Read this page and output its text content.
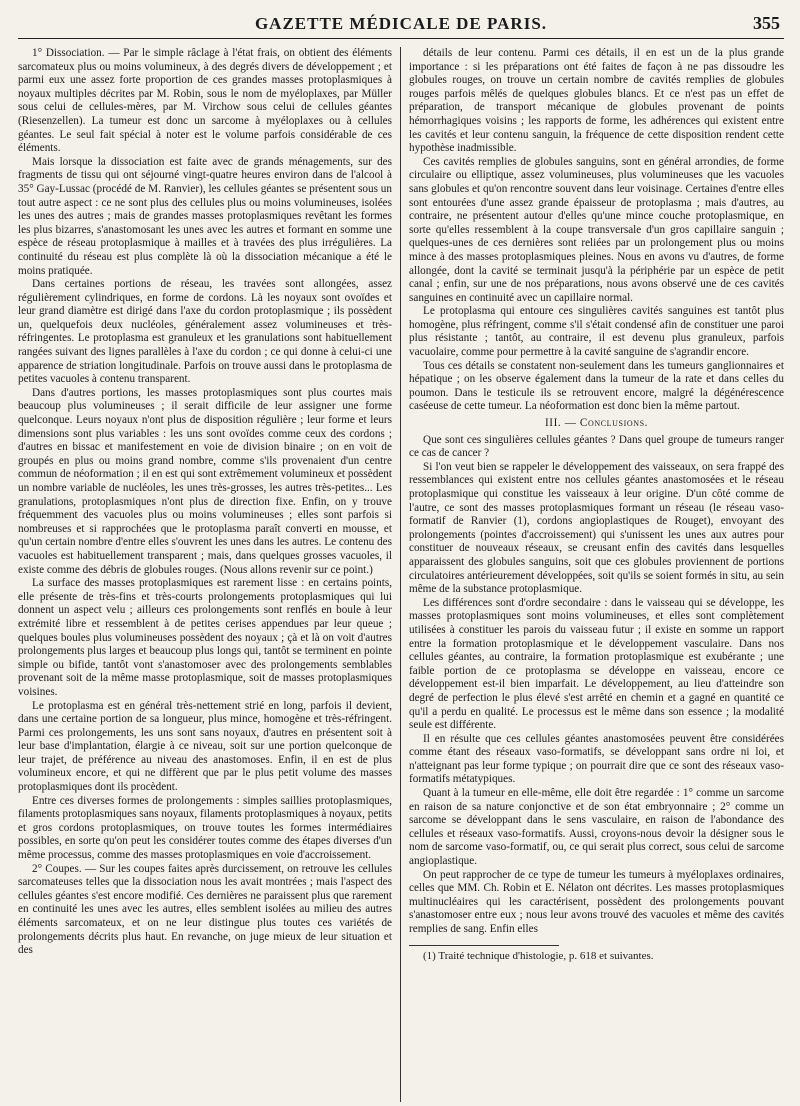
GAZETTE MÉDICALE DE PARIS.	355

1° Dissociation. — Par le simple râclage à l'état frais, on obtient des éléments sarcomateux plus ou moins volumineux, à des degrés divers de développement ; et parmi eux une assez forte proportion de ces grandes masses protoplasmiques à noyaux multiples décrites par M. Robin, sous le nom de myéloplaxes, par Müller sous celui de cellules-mères, par M. Virchow sous celui de cellules géantes (Riesenzellen). La tumeur est donc un sarcome à myéloplaxes ou à cellules géantes. Le seul fait spécial à noter est le volume parfois considérable de ces éléments.

Mais lorsque la dissociation est faite avec de grands ménagements, sur des fragments de tissu qui ont séjourné vingt-quatre heures environ dans de l'alcool à 35° Gay-Lussac (procédé de M. Ranvier), les cellules géantes se présentent sous un tout autre aspect : ce ne sont plus des cellules plus ou moins volumineuses, isolées les unes des autres ; mais de grandes masses protoplasmiques revêtant les formes les plus bizarres, s'anastomosant les unes avec les autres et formant en somme une espèce de réseau protoplasmique à mailles et à travées des plus irrégulières. La continuité du réseau est plus complète là où la dissociation mécanique a été le moins pratiquée.

Dans certaines portions de réseau, les travées sont allongées, assez régulièrement cylindriques, en forme de cordons. Là les noyaux sont ovoïdes et leur grand diamètre est dirigé dans l'axe du cordon protoplasmique ; ils possèdent un, quelquefois deux nucléoles, généralement assez volumineuses et très-réfringentes. Le protoplasma est granuleux et les granulations sont habituellement rangées suivant des lignes parallèles à l'axe du cordon ; ce qui donne à celui-ci une apparence de striation longitudinale. Parfois on trouve aussi dans le protoplasma de petites vacuoles à contenu transparent.

Dans d'autres portions, les masses protoplasmiques sont plus courtes mais beaucoup plus volumineuses ; il serait difficile de leur assigner une forme quelconque. Leurs noyaux n'ont plus de disposition régulière ; leur forme et leurs dimensions sont plus variables : les uns sont ovoïdes comme ceux des cordons ; d'autres en bissac et manifestement en voie de division binaire ; on en voit de groupés en plus ou moins grand nombre, comme s'ils provenaient d'un centre commun de néoformation ; il en est qui sont extrêmement volumineux et possèdent un nombre variable de nucléoles, les unes très-grosses, les autres très-petites... Les granulations, protoplasmiques n'ont plus de direction fixe. Enfin, on y trouve fréquemment des vacuoles plus ou moins volumineuses ; elles sont parfois si nombreuses et si rapprochées que le protoplasma paraît converti en mousse, et qu'un certain nombre d'entre elles s'ouvrent les unes dans les autres. Le contenu des vacuoles est habituellement transparent ; mais, dans quelques grosses vacuoles, il existe comme des débris de globules rouges. (Nous allons revenir sur ce point.)

La surface des masses protoplasmiques est rarement lisse : en certains points, elle présente de très-fins et très-courts prolongements protoplasmiques qui lui donnent un aspect velu ; ailleurs ces prolongements sont renflés en boule à leur extrémité libre et ressemblent à de petites cerises appendues par leur queue ; quelques boules plus volumineuses possèdent des noyaux ; çà et là on voit d'autres prolongements plus larges et beaucoup plus longs qui, tantôt se terminent en pointe simple ou bifide, tantôt vont s'anastomoser avec des prolongements semblables provenant soit de la même masse protoplasmique, soit de masses protoplasmiques voisines.

Le protoplasma est en général très-nettement strié en long, parfois il devient, dans une certaine portion de sa longueur, plus mince, homogène et très-réfringent. Parmi ces prolongements, les uns sont sans noyaux, d'autres en présentent soit à leur base d'implantation, élargie à ce niveau, soit sur une portion quelconque de leur trajet, de préférence au niveau des anastomoses. Enfin, il en est de plus volumineux encore, et qui ne diffèrent que par le plus petit volume des masses protoplasmiques dont ils procèdent.

Entre ces diverses formes de prolongements : simples saillies protoplasmiques, filaments protoplasmiques sans noyaux, filaments protoplasmiques à noyaux, petits et gros cordons protoplasmiques, on trouve toutes les formes intermédiaires possibles, en sorte qu'on peut les considérer toutes comme des étapes diverses d'un même processus, comme des masses protoplasmiques en voie d'accroissement.

2° Coupes. — Sur les coupes faites après durcissement, on retrouve les cellules sarcomateuses telles que la dissociation nous les avait montrées ; mais l'aspect des cellules géantes s'est encore modifié. Ces dernières ne paraissent plus que rarement en continuité les unes avec les autres, elles semblent isolées au milieu des autres éléments sarcomateux, et on ne leur distingue plus toutes ces variétés de prolongements décrits plus haut. En revanche, on juge mieux de leur situation et des

détails de leur contenu. Parmi ces détails, il en est un de la plus grande importance : si les préparations ont été faites de façon à ne pas dissoudre les globules rouges, on trouve un certain nombre de cavités remplies de globules rouges parfois mêlés de quelques globules blancs. Et ce n'est pas un effet de préparation, de transport mécanique de globules provenant de points hémorrhagiques voisins ; les rapports de forme, les adhérences qui existent entre les cavités et leur contenu sanguin, la fréquence de cette disposition rendent cette hypothèse inadmissible.

Ces cavités remplies de globules sanguins, sont en général arrondies, de forme circulaire ou elliptique, assez volumineuses, plus volumineuses que les vacuoles sans globules et qu'on rencontre souvent dans leur voisinage. Certaines d'entre elles sont entourées d'une assez grande épaisseur de protoplasma ; mais d'autres, au contraire, ne présentent autour d'elles qu'une mince couche protoplasmique, en sorte qu'elles ressemblent à la coupe transversale d'un gros capillaire sanguin ; quelques-unes de ces dernières sont reliées par un prolongement plus ou moins mince à des masses protoplasmiques pleines. Nous en avons vu d'autres, de forme allongée, dont la cavité se terminait jusqu'à la périphérie par un espèce de petit canal ; enfin, sur une de nos préparations, nous avons observé une de ces cavités sanguines en continuité avec un capillaire normal.

Le protoplasma qui entoure ces singulières cavités sanguines est tantôt plus homogène, plus réfringent, comme s'il s'était condensé afin de constituer une paroi plus résistante ; tantôt, au contraire, il est devenu plus granuleux, parfois vacuolaire, comme pour permettre à la cavité sanguine de s'agrandir encore.

Tous ces détails se constatent non-seulement dans les tumeurs ganglionnaires et hépatique ; on les observe également dans la tumeur de la rate et dans celles du poumon. Dans le testicule ils se retrouvent encore, malgré la dégénérescence caséeuse de cette tumeur. La néoformation est donc bien la même partout.

III. — Conclusions.

Que sont ces singulières cellules géantes ? Dans quel groupe de tumeurs ranger ce cas de cancer ?

Si l'on veut bien se rappeler le développement des vaisseaux, on sera frappé des ressemblances qui existent entre nos cellules géantes anastomosées et le réseau protoplasmique qui constitue les vaisseaux à leur origine. D'un côté comme de l'autre, ce sont des masses protoplasmiques formant un réseau (le réseau vaso-formatif de Ranvier (1), cordons angioplastiques de Rouget), envoyant des prolongements (pointes d'accroissement) qui s'unissent les unes aux autres pour constituer de nouveaux réseaux, se creusant enfin des cavités dans lesquelles apparaissent des globules sanguins, soit que ces globules proviennent de portions circulatoires antérieurement développées, soit qu'ils se soient formés in situ, au sein même de la substance protoplasmique.

Les différences sont d'ordre secondaire : dans le vaisseau qui se développe, les masses protoplasmiques sont moins volumineuses, et elles sont complètement utilisées à constituer les parois du vaisseau futur ; il existe en somme un rapport entre la formation protoplasmique et le développement vasculaire. Dans nos cellules géantes, au contraire, la formation protoplasmique est exubérante ; une faible portion de ce protoplasma se développe en vaisseau, encore ce développement est-il bien imparfait. Le développement, au lieu d'atteindre son degré de perfection le plus élevé s'est arrêté en chemin et a gagné en quantité ce qu'il a perdu en qualité. Le processus est le même dans son essence ; la modalité seule est différente.

Il en résulte que ces cellules géantes anastomosées peuvent être considérées comme étant des réseaux vaso-formatifs, se développant sans ordre ni loi, et n'atteignant pas leur forme typique ; on pourrait dire que ce sont des réseaux vaso-formatifs métatypiques.

Quant à la tumeur en elle-même, elle doit être regardée : 1° comme un sarcome en raison de sa nature conjonctive et de son état embryonnaire ; 2° comme un sarcome se développant dans le sens vasculaire, en raison de l'abondance des cellules et réseaux vaso-formatifs. Aussi, croyons-nous devoir la désigner sous le nom de sarcome vaso-formatif, ou, ce qui serait plus correct, sous celui de sarcome angioplastique.

On peut rapprocher de ce type de tumeur les tumeurs à myéloplaxes ordinaires, celles que MM. Ch. Robin et E. Nélaton ont décrites. Les masses protoplasmiques multinucléaires qui les caractérisent, possèdent des prolongements pouvant s'anastomoser entre eux ; nous leur avons trouvé des vacuoles et même des cavités remplies de sang. Enfin elles

(1) Traité technique d'histologie, p. 618 et suivantes.
